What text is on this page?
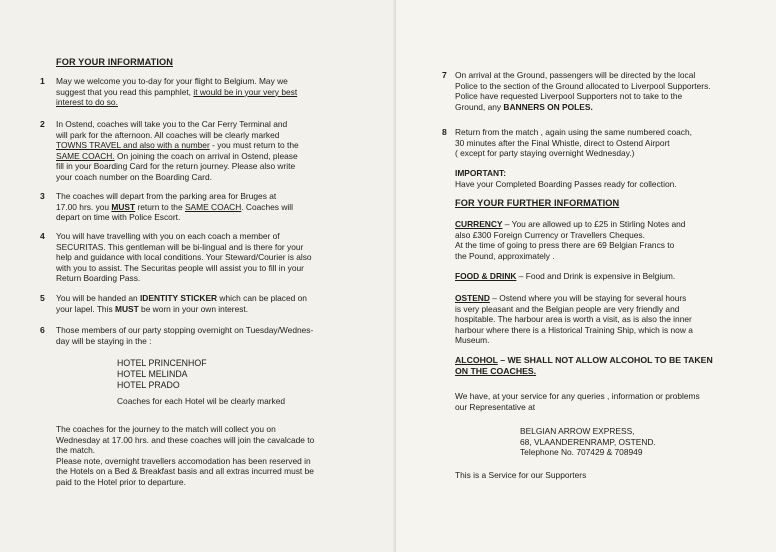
FOR YOUR INFORMATION
1 May we welcome you to-day for your flight to Belgium. May we
suggest that you read this pamphlet, it would be in your very best
interest to do so.
2 In Ostend, coaches will take you to the Car Ferry Terminal and
will park for the afternoon. All coaches will be clearly marked
TOWNS TRAVEL and also with a number - you must return to the
SAME COACH. On joining the coach on arrival in Ostend, please
fill in your Boarding Card for the return journey. Please also write
your coach number on the Boarding Card.
3 The coaches will depart from the parking area for Bruges at
17.00 hrs. you MUST return to the SAME COACH. Coaches will
depart on time with Police Escort.
4 You will have travelling with you on each coach a member of
SECURITAS. This gentleman will be bi-lingual and is there for your
help and guidance with local conditions. Your Steward/Courier is also
with you to assist. The Securitas people will assist you to fill in your
Return Boarding Pass.
5 You will be handed an IDENTITY STICKER which can be placed on
your lapel. This MUST be worn in your own interest.
6 Those members of our party stopping overnight on Tuesday/Wednes-
day will be staying in the :
HOTEL PRINCENHOF
HOTEL MELINDA
HOTEL PRADO
Coaches for each Hotel wil be clearly marked
The coaches for the journey to the match will collect you on
Wednesday at 17.00 hrs. and these coaches will join the cavalcade to
the match.
Please note, overnight travellers accomodation has been reserved in
the Hotels on a Bed & Breakfast basis and all extras incurred must be
paid to the Hotel prior to departure.
7 On arrival at the Ground, passengers will be directed by the local
Police to the section of the Ground allocated to Liverpool Supporters.
Police have requested Liverpool Supporters not to take to the
Ground, any BANNERS ON POLES.
8 Return from the match , again using the same numbered coach,
30 minutes after the Final Whistle, direct to Ostend Airport
( except for party staying overnight Wednesday.)
IMPORTANT:
Have your Completed Boarding Passes ready for collection.
FOR YOUR FURTHER INFORMATION
CURRENCY – You are allowed up to £25 in Stirling Notes and
also £300 Foreign Currency or Travellers Cheques.
At the time of going to press there are 69 Belgian Francs to
the Pound, approximately .
FOOD & DRINK – Food and Drink is expensive in Belgium.
OSTEND – Ostend where you will be staying for several hours
is very pleasant and the Belgian people are very friendly and
hospitable. The harbour area is worth a visit, as is also the inner
harbour where there is a Historical Training Ship, which is now a
Museum.
ALCOHOL – WE SHALL NOT ALLOW ALCOHOL TO BE TAKEN
ON THE COACHES.
We have, at your service for any queries , information or problems
our Representative at
BELGIAN ARROW EXPRESS,
68, VLAANDERENRAMP, OSTEND.
Telephone No. 707429 & 708949
This is a Service for our Supporters
